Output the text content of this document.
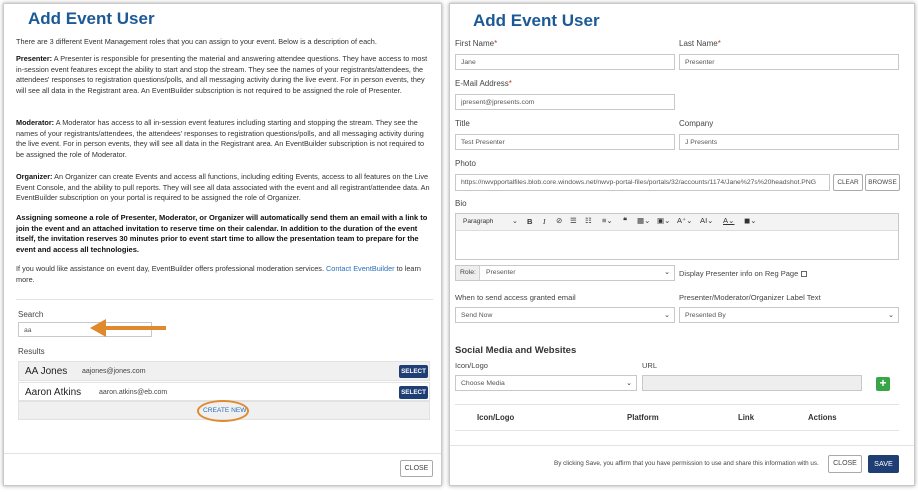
Add Event User
There are 3 different Event Management roles that you can assign to your event. Below is a description of each.
Presenter: A Presenter is responsible for presenting the material and answering attendee questions. They have access to most in-session event features except the ability to start and stop the stream. They see the names of your registrants/attendees, the attendees' responses to registration questions/polls, and all messaging activity during the live event. For in person events, they will see all data in the Registrant area. An EventBuilder subscription is not required to be assigned the role of Presenter.
Moderator: A Moderator has access to all in-session event features including starting and stopping the stream. They see the names of your registrants/attendees, the attendees' responses to registration questions/polls, and all messaging activity during the live event. For in person events, they will see all data in the Registrant area. An EventBuilder subscription is not required to be assigned the role of Moderator.
Organizer: An Organizer can create Events and access all functions, including editing Events, access to all features on the Live Event Console, and the ability to pull reports. They will see all data associated with the event and all registrant/attendee data. An EventBuilder subscription on your portal is required to be assigned the role of Organizer.
Assigning someone a role of Presenter, Moderator, or Organizer will automatically send them an email with a link to join the event and an attached invitation to reserve time on their calendar. In addition to the duration of the event itself, the invitation reserves 30 minutes prior to event start time to allow the presentation team to prepare for the event and access all technologies.
If you would like assistance on event day, EventBuilder offers professional moderation services. Contact EventBuilder to learn more.
Search
aa
Results
AA Jones aajones@jones.com	SELECT
Aaron Atkins	aaron.atkins@eb.com	SELECT
CREATE NEW
CLOSE
Add Event User
First Name*
Jane
Last Name*
Presenter
E-Mail Address*
jpresent@jpresents.com
Title
Test Presenter
Company
J Presents
Photo
https://nwvpportalfiles.blob.core.windows.net/nwvp-portal-files/portals/32/accounts/1174/Jane%27s%20headshot.PNG	CLEAR	BROWSE
Bio
Paragraph	⌄ B I ⊘ ☰ ☷ ≡⌄ ❝ ▦⌄ ▣⌄ A⁺⌄ AI⌄ A⌄ ◼⌄
Role:	Presenter	⌄ Display Presenter info on Reg Page
When to send access granted email
Send Now	⌄
Presenter/Moderator/Organizer Label Text
Presented By	⌄
Social Media and Websites
Icon/Logo	URL
Choose Media	⌄	+
Icon/Logo	Platform	Link	Actions
By clicking Save, you affirm that you have permission to use and share this information with us.	CLOSE	SAVE
